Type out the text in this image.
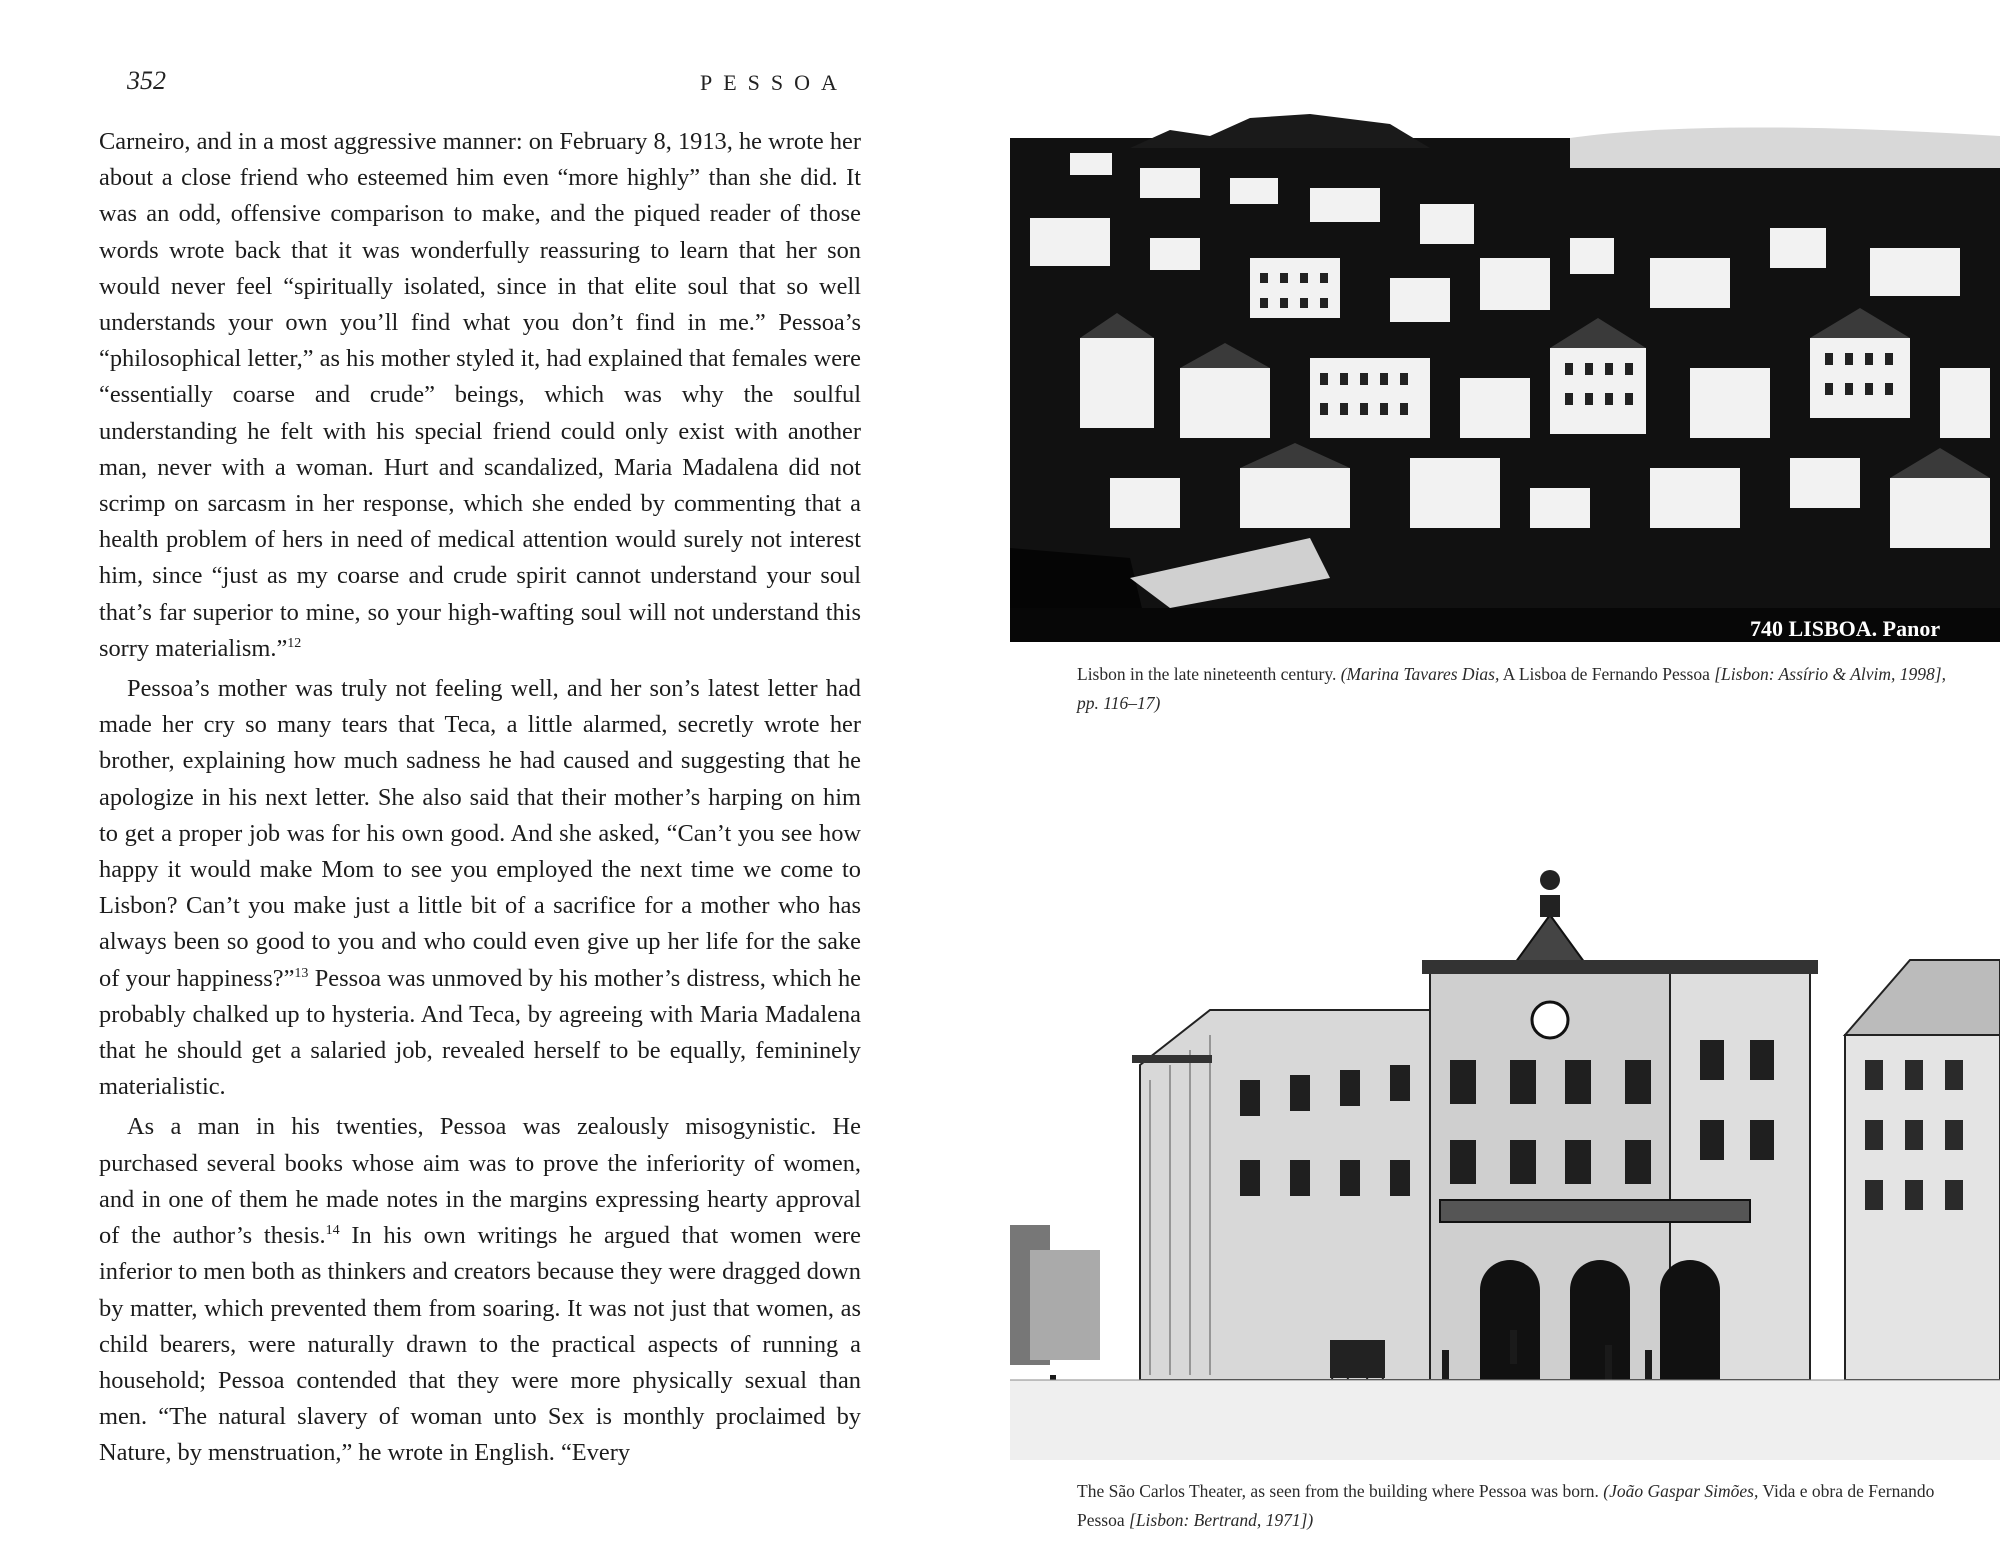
352	PESSOA

Carneiro, and in a most aggressive manner: on February 8, 1913, he wrote her about a close friend who esteemed him even “more highly” than she did. It was an odd, offensive comparison to make, and the piqued reader of those words wrote back that it was wonderfully reassuring to learn that her son would never feel “spiritually isolated, since in that elite soul that so well understands your own you’ll find what you don’t find in me.” Pessoa’s “philosophical letter,” as his mother styled it, had explained that females were “essentially coarse and crude” beings, which was why the soulful understanding he felt with his special friend could only exist with another man, never with a woman. Hurt and scandalized, Maria Madalena did not scrimp on sarcasm in her response, which she ended by commenting that a health problem of hers in need of medical attention would surely not interest him, since “just as my coarse and crude spirit cannot understand your soul that’s far superior to mine, so your high-wafting soul will not understand this sorry materialism.”$^{12}$

Pessoa’s mother was truly not feeling well, and her son’s latest letter had made her cry so many tears that Teca, a little alarmed, secretly wrote her brother, explaining how much sadness he had caused and suggesting that he apologize in his next letter. She also said that their mother’s harping on him to get a proper job was for his own good. And she asked, “Can’t you see how happy it would make Mom to see you employed the next time we come to Lisbon? Can’t you make just a little bit of a sacrifice for a mother who has always been so good to you and who could even give up her life for the sake of your happiness?”$^{13}$ Pessoa was unmoved by his mother’s distress, which he probably chalked up to hysteria. And Teca, by agreeing with Maria Madalena that he should get a salaried job, revealed herself to be equally, femininely materialistic.

As a man in his twenties, Pessoa was zealously misogynistic. He purchased several books whose aim was to prove the inferiority of women, and in one of them he made notes in the margins expressing hearty approval of the author’s thesis.$^{14}$ In his own writings he argued that women were inferior to men both as thinkers and creators because they were dragged down by matter, which prevented them from soaring. It was not just that women, as child bearers, were naturally drawn to the practical aspects of running a household; Pessoa contended that they were more physically sexual than men. “The natural slavery of woman unto Sex is monthly proclaimed by Nature, by menstruation,” he wrote in English. “Every

740 LISBOA. Panor
Lisbon in the late nineteenth century. (Marina Tavares Dias, A Lisboa de Fernando Pessoa [Lisbon: Assírio & Alvim, 1998], pp. 116–17)
The São Carlos Theater, as seen from the building where Pessoa was born. (João Gaspar Simões, Vida e obra de Fernando Pessoa [Lisbon: Bertrand, 1971])
